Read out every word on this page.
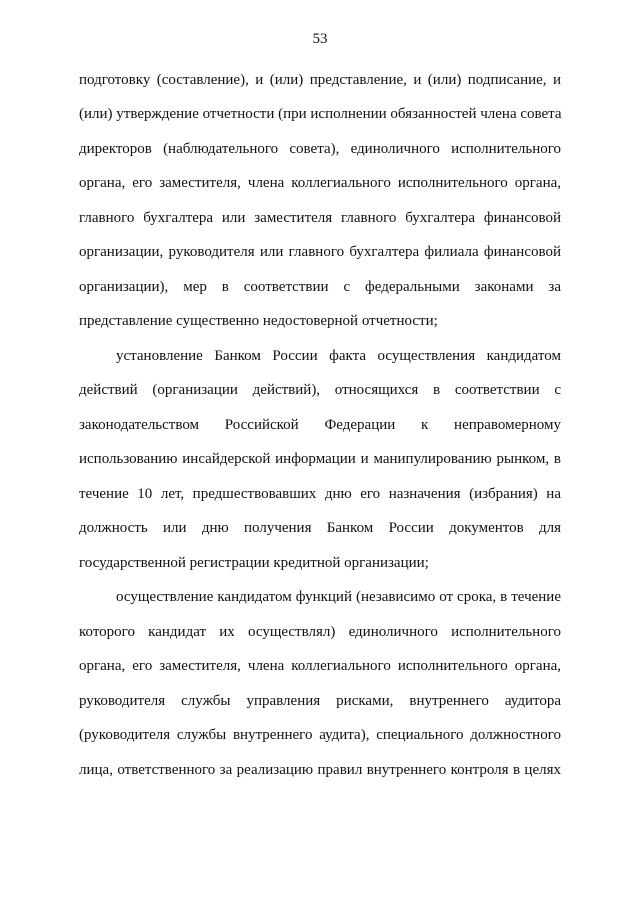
53
подготовку (составление), и (или) представление, и (или) подписание, и
(или) утверждение отчетности (при исполнении обязанностей члена совета
директоров (наблюдательного совета), единоличного исполнительного
органа, его заместителя, члена коллегиального исполнительного органа,
главного бухгалтера или заместителя главного бухгалтера финансовой
организации, руководителя или главного бухгалтера филиала финансовой
организации), мер в соответствии с федеральными законами за
представление существенно недостоверной отчетности;
установление Банком России факта осуществления кандидатом
действий (организации действий), относящихся в соответствии с
законодательством Российской Федерации к неправомерному
использованию инсайдерской информации и манипулированию рынком, в
течение 10 лет, предшествовавших дню его назначения (избрания) на
должность или дню получения Банком России документов для
государственной регистрации кредитной организации;
осуществление кандидатом функций (независимо от срока, в течение
которого кандидат их осуществлял) единоличного исполнительного
органа, его заместителя, члена коллегиального исполнительного органа,
руководителя службы управления рисками, внутреннего аудитора
(руководителя службы внутреннего аудита), специального должностного
лица, ответственного за реализацию правил внутреннего контроля в целях
